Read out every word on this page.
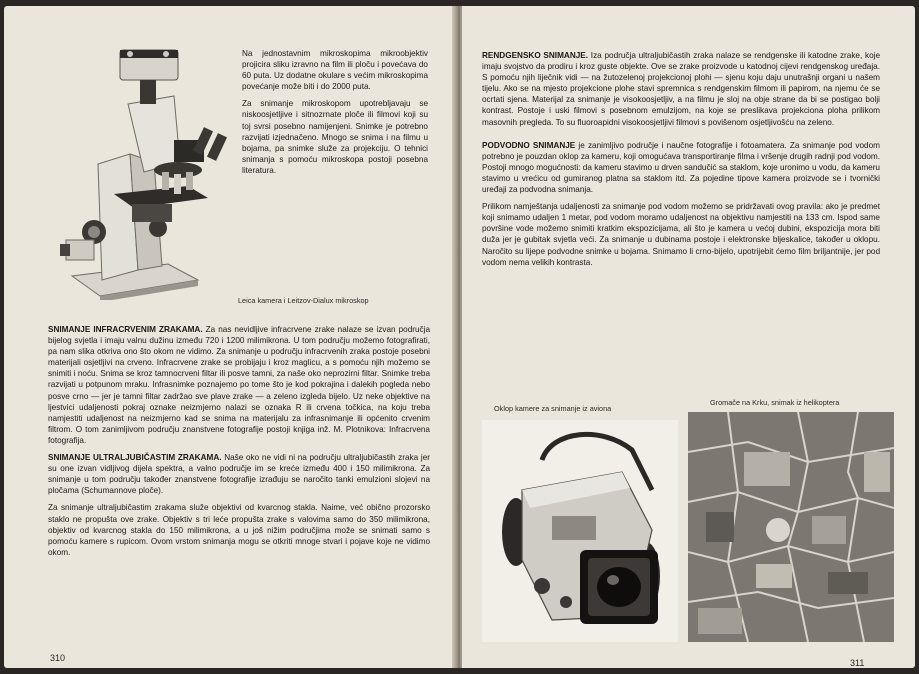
Na jednostavnim mikroskopima mikroobjektiv projicira sliku izravno na film ili ploču i povećava do 60 puta. Uz dodatne okulare s većim mikroskopima povećanje može biti i do 2000 puta.

Za snimanje mikroskopom upotrebljavaju se niskoosjetljive i sitnozrnate ploče ili filmovi koji su toj svrsi posebno namijenjeni. Snimke je potrebno razvijati izjednačeno. Mnogo se snima i na filmu u bojama, pa snimke služe za projekciju. O tehnici snimanja s pomoću mikroskopa postoji posebna literatura.

Leica kamera i Leitzov-Dialux mikroskop

SNIMANJE INFRACRVENIM ZRAKAMA. Za nas nevidljive infracrvene zrake nalaze se izvan područja bijelog svjetla i imaju valnu dužinu između 720 i 1200 milimikrona. U tom području možemo fotografirati, pa nam slika otkriva ono što okom ne vidimo. Za snimanje u području infracrvenih zraka postoje posebni materijali osjetljivi na crveno. Infracrvene zrake se probijaju i kroz maglicu, a s pomoću njih možemo se snimiti i noću. Snima se kroz tamnocrveni filtar ili posve tamni, za naše oko neprozirni filtar. Snimke treba razvijati u potpunom mraku. Infrasnimke poznajemo po tome što je kod pokrajina i dalekih pogleda nebo posve crno — jer je tamni filtar zadržao sve plave zrake — a zeleno izgleda bijelo. Uz neke objektive na ljestvici udaljenosti pokraj oznake neizmjerno nalazi se oznaka R ili crvena točkica, na koju treba namjestiti udaljenost na neizmjerno kad se snima na materijalu za infrasnimanje ili općenito crvenim filtrom. O tom zanimljivom području znanstvene fotografije postoji knjiga inž. M. Plotnikova: Infracrvena fotografija.

SNIMANJE ULTRALJUBIČASTIM ZRAKAMA. Naše oko ne vidi ni na području ultraljubičastih zraka jer su one izvan vidljivog dijela spektra, a valno područje im se kreće između 400 i 150 milimikrona. Za snimanje u tom području također znanstvene fotografije izrađuju se naročito tanki emulzioni slojevi na pločama (Schumannove ploče).

Za snimanje ultraljubičastim zrakama služe objektivi od kvarcnog stakla. Naime, već obično prozorsko staklo ne propušta ove zrake. Objektiv s tri leće propušta zrake s valovima samo do 350 milimikrona, objektiv od kvarcnog stakla do 150 milimikrona, a u još nižim područjima može se snimati samo s pomoću kamere s rupicom. Ovom vrstom snimanja mogu se otkriti mnoge stvari i pojave koje ne vidimo okom.

310

RENDGENSKO SNIMANJE. Iza područja ultraljubičastih zraka nalaze se rendgenske ili katodne zrake, koje imaju svojstvo da prodiru i kroz guste objekte. Ove se zrake proizvode u katodnoj cijevi rendgenskog uređaja. S pomoću njih liječnik vidi — na žutozelenoj projekcionoj plohi — sjenu koju daju unutrašnji organi u našem tijelu. Ako se na mjesto projekcione plohe stavi spremnica s rendgenskim filmom ili papirom, na njemu će se ocrtati sjena. Materijal za snimanje je visokoosjetljiv, a na filmu je sloj na obje strane da bi se postigao bolji kontrast. Postoje i uski filmovi s posebnom emulzijom, na koje se preslikava projekciona ploha prilikom masovnih pregleda. To su fluoroapidni visokoosjetljivi filmovi s povišenom osjetljivošću na zeleno.

PODVODNO SNIMANJE je zanimljivo područje i naučne fotografije i fotoamatera. Za snimanje pod vodom potrebno je pouzdan oklop za kameru, koji omogućava transportiranje filma i vršenje drugih radnji pod vodom. Postoji mnogo mogućnosti: da kameru stavimo u drven sandučić sa staklom, koje uronimo u vodu, da kameru stavimo u vrećicu od gumiranog platna sa staklom itd. Za pojedine tipove kamera proizvode se i tvornički uređaji za podvodna snimanja.

Prilikom namještanja udaljenosti za snimanje pod vodom možemo se pridržavati ovog pravila: ako je predmet koji snimamo udaljen 1 metar, pod vodom moramo udaljenost na objektivu namjestiti na 133 cm. Ispod same površine vode možemo snimiti kratkim ekspozicijama, ali što je kamera u većoj dubini, ekspozicija mora biti duža jer je gubitak svjetla veći. Za snimanje u dubinama postoje i elektronske bljeskalice, također u oklopu. Naročito su lijepe podvodne snimke u bojama. Snimamo li crno-bijelo, upotrijebit ćemo film briljantnije, jer pod vodom nema velikih kontrasta.

Oklop kamere za snimanje iz aviona
Gromače na Krku, snimak iz helikoptera
311
